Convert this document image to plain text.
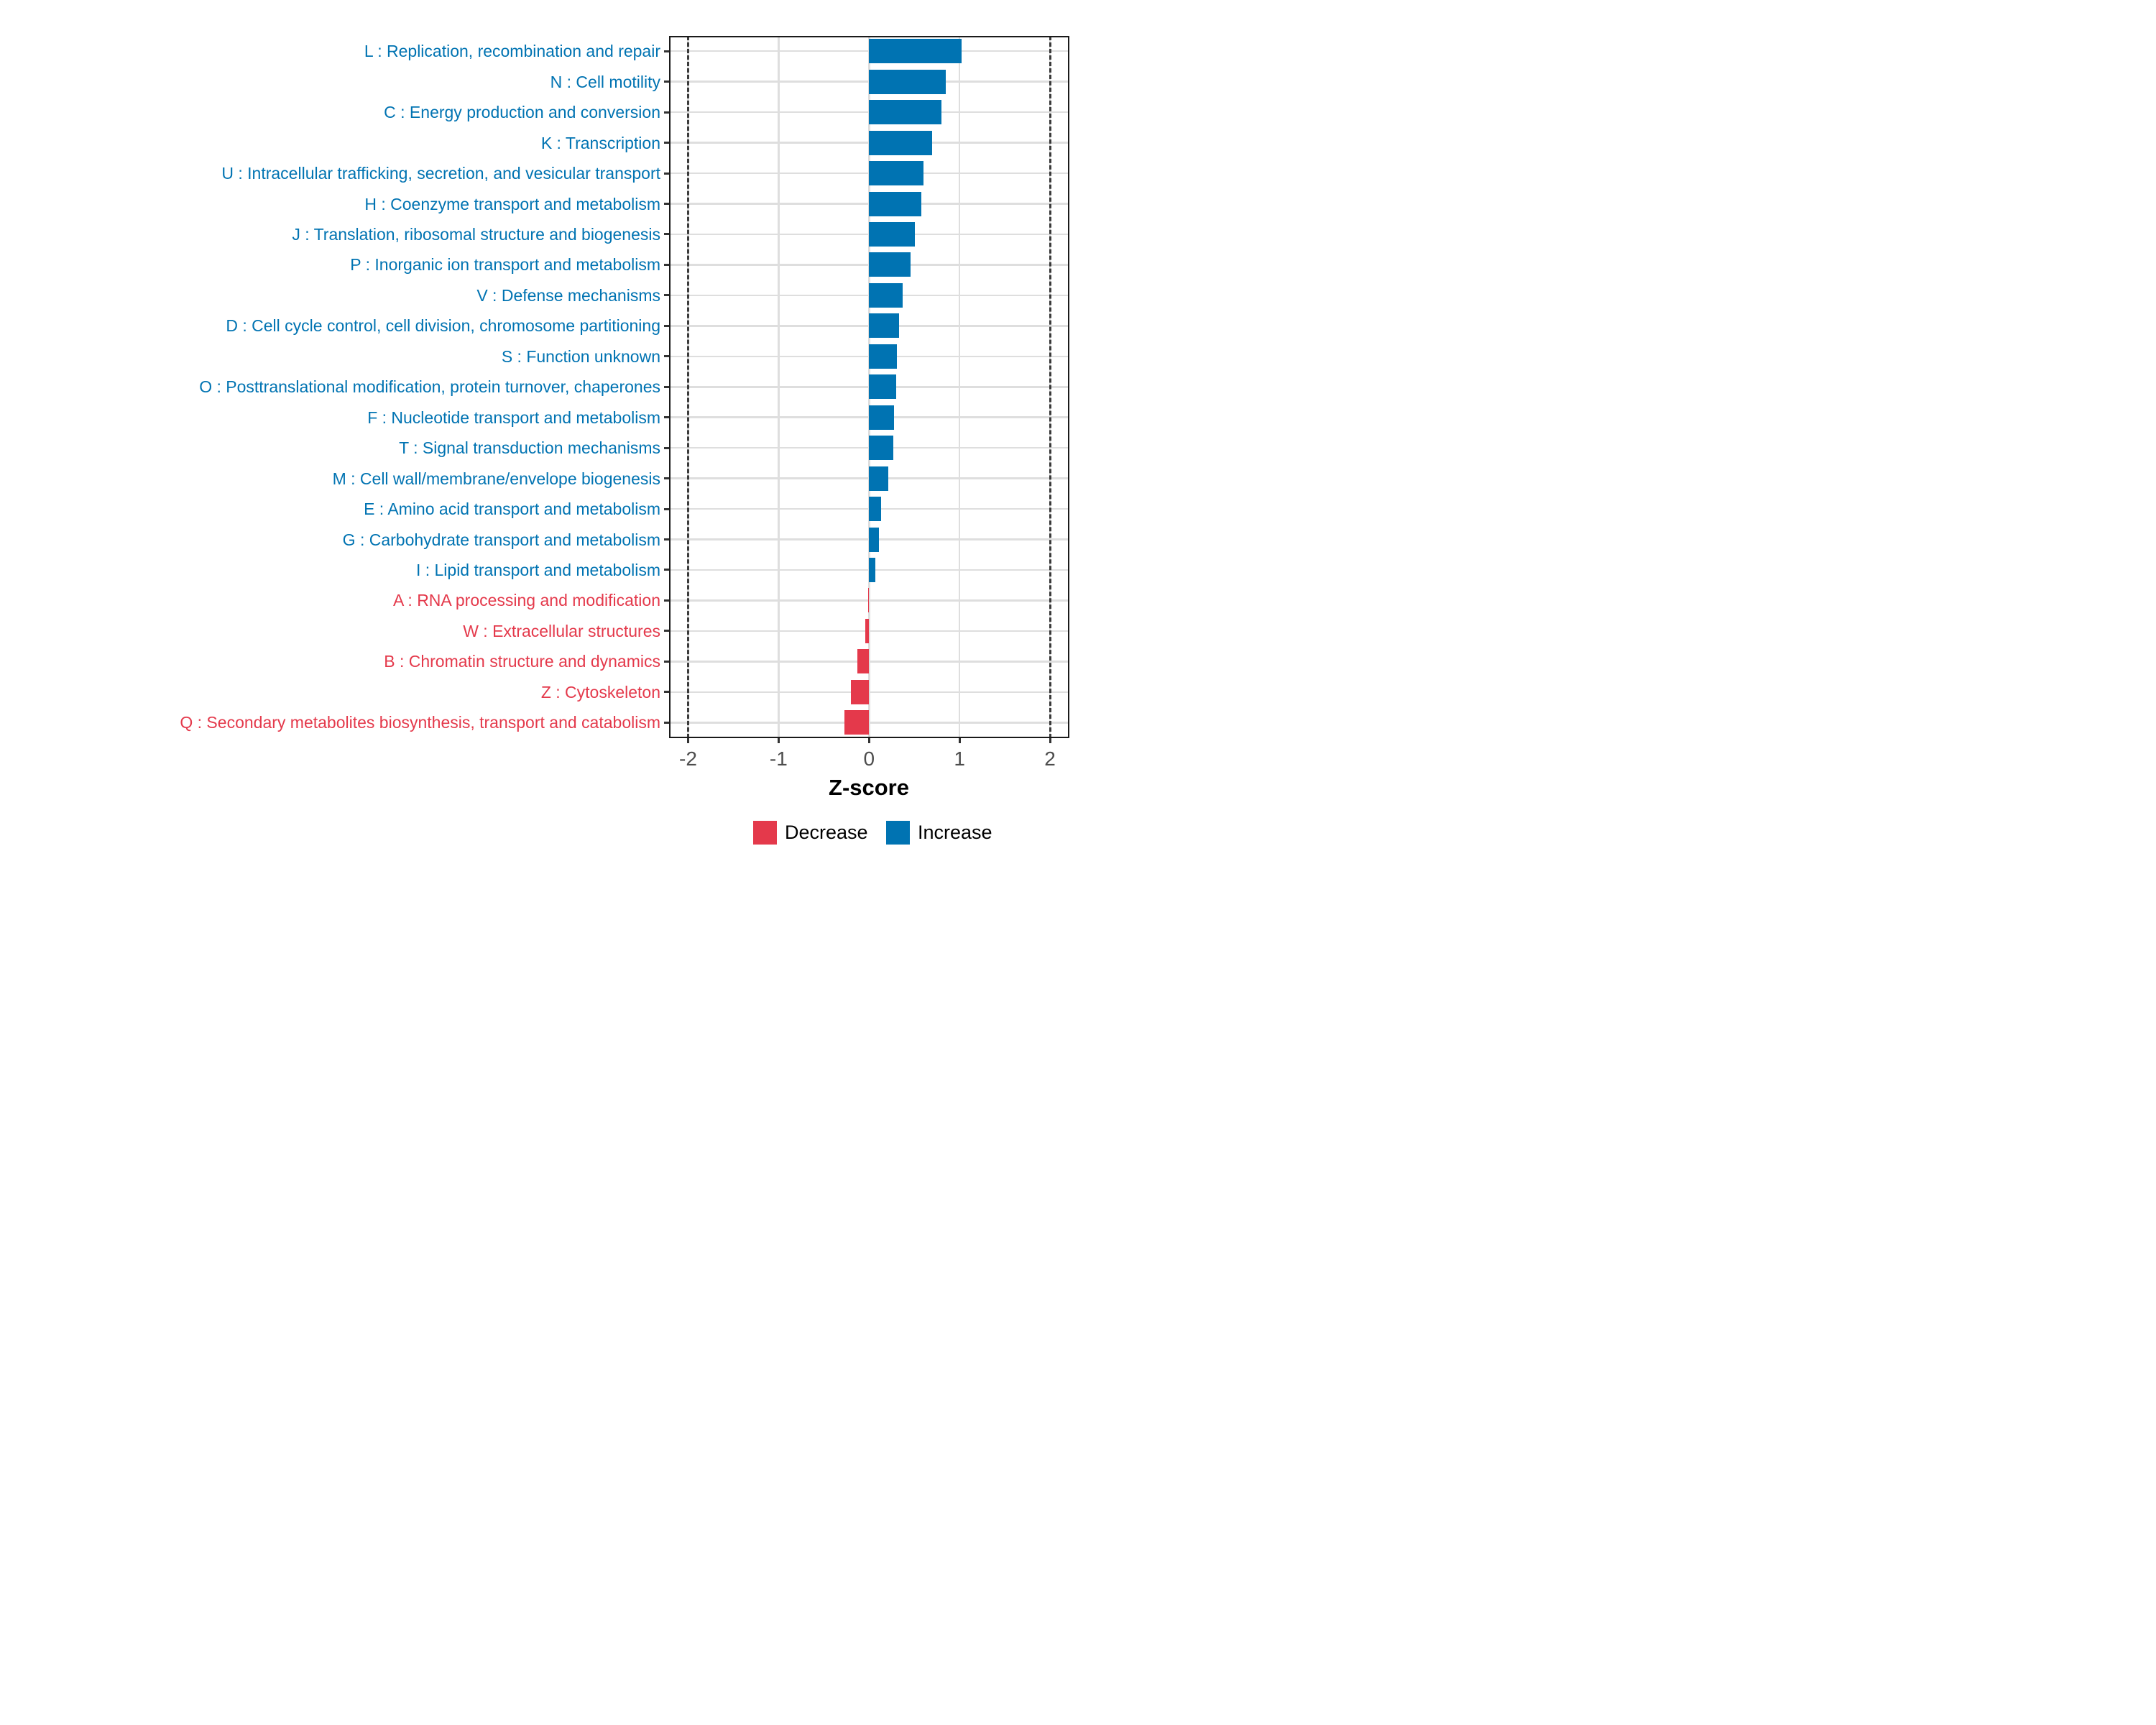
Z-score
Decrease	Increase
L : Replication, recombination and repair
N : Cell motility
C : Energy production and conversion
K : Transcription
U : Intracellular trafficking, secretion, and vesicular transport
H : Coenzyme transport and metabolism
J : Translation, ribosomal structure and biogenesis
P : Inorganic ion transport and metabolism
V : Defense mechanisms
D : Cell cycle control, cell division, chromosome partitioning
S : Function unknown
O : Posttranslational modification, protein turnover, chaperones
F : Nucleotide transport and metabolism
T : Signal transduction mechanisms
M : Cell wall/membrane/envelope biogenesis
E : Amino acid transport and metabolism
G : Carbohydrate transport and metabolism
I : Lipid transport and metabolism
A : RNA processing and modification
W : Extracellular structures
B : Chromatin structure and dynamics
Z : Cytoskeleton
Q : Secondary metabolites biosynthesis, transport and catabolism
-2	-1	0	1	2
